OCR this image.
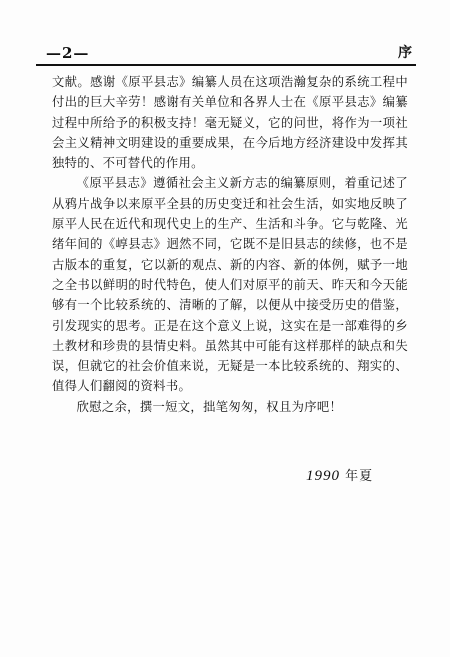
—2—	序

文献。感谢《原平县志》编纂人员在这项浩瀚复杂的系统工程中付出的巨大辛劳！感谢有关单位和各界人士在《原平县志》编纂过程中所给予的积极支持！毫无疑义，它的问世，将作为一项社会主义精神文明建设的重要成果，在今后地方经济建设中发挥其独特的、不可替代的作用。

《原平县志》遵循社会主义新方志的编纂原则，着重记述了从鸦片战争以来原平全县的历史变迁和社会生活，如实地反映了原平人民在近代和现代史上的生产、生活和斗争。它与乾隆、光绪年间的《崞县志》迥然不同，它既不是旧县志的续修，也不是古版本的重复，它以新的观点、新的内容、新的体例，赋予一地之全书以鲜明的时代特色，使人们对原平的前天、昨天和今天能够有一个比较系统的、清晰的了解，以便从中接受历史的借鉴，引发现实的思考。正是在这个意义上说，这实在是一部难得的乡土教材和珍贵的县情史料。虽然其中可能有这样那样的缺点和失误，但就它的社会价值来说，无疑是一本比较系统的、翔实的、值得人们翻阅的资料书。

欣慰之余，撰一短文，拙笔匆匆，权且为序吧！

1990 年夏
